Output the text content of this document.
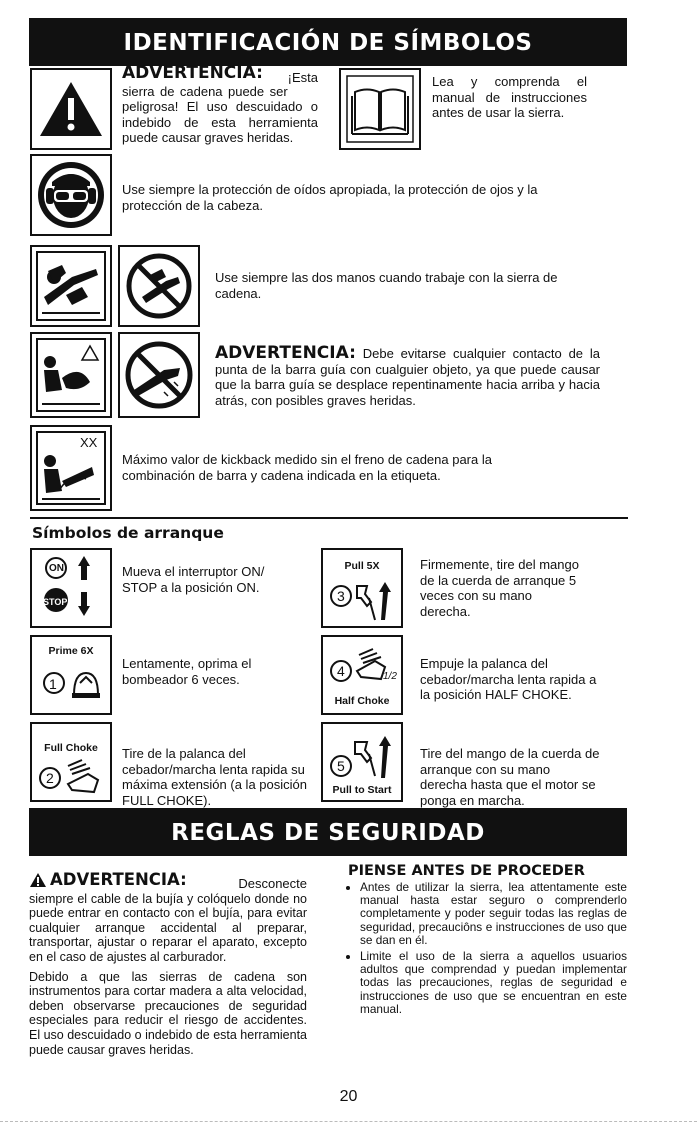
IDENTIFICACIÓN DE SÍMBOLOS
ADVERTENCIA: ¡Esta
sierra de cadena puede ser peligrosa! El uso descuidado o indebido de esta herramienta puede causar graves heridas.
Lea y comprenda el manual de instrucciones antes de usar la sierra.
Use siempre la protección de oídos apropiada, la protección de ojos y la protección de la cabeza.
Use siempre las dos manos cuando trabaje con la sierra de cadena.
ADVERTENCIA: Debe evitarse cualquier contacto de la punta de la barra guía con cualguier objeto, ya que puede causar que la barra guía se desplace repentinamente hacia arriba y hacia atrás, con posibles graves heridas.
XX
Máximo valor de kickback medido sin el freno de cadena para la combinación de barra y cadena indicada en la etiqueta.
Símbolos de arranque
ON
STOP
Mueva el interruptor ON/ STOP a la posición ON.
Prime 6X
1
Lentamente, oprima el bombeador 6 veces.
Full Choke
2
Tire de la palanca del cebador/marcha lenta rapida su máxima extensión (a la posición FULL CHOKE).
Pull 5X
3
Firmemente, tire del mango de la cuerda de arranque 5 veces con su mano derecha.
4	1/2
Half Choke
Empuje la palanca del cebador/marcha lenta rapida a la posición HALF CHOKE.
5
Pull to Start
Tire del mango de la cuerda de arranque con su mano derecha hasta que el motor se ponga en marcha.
REGLAS DE SEGURIDAD
ADVERTENCIA:	Desconecte
siempre el cable de la bujía y colóquelo donde no puede entrar en contacto con el bujía, para evitar cualquier arranque accidental al preparar, transportar, ajustar o reparar el aparato, excepto en el caso de ajustes al carburador.
Debido a que las sierras de cadena son instrumentos para cortar madera a alta velocidad, deben observarse precauciones de seguridad especiales para reducir el riesgo de accidentes. El uso descuidado o indebido de esta herramienta puede causar graves heridas.
PIENSE ANTES DE PROCEDER
• Antes de utilizar la sierra, lea attentamente este manual hasta estar seguro o comprenderlo completamente y poder seguir todas las reglas de seguridad, precauciôns e instrucciones de uso que se dan en él.
• Limite el uso de la sierra a aquellos usuarios adultos que comprendad y puedan implementar todas las precauciones, reglas de seguridad e instrucciones de uso que se encuentran en este manual.
20
